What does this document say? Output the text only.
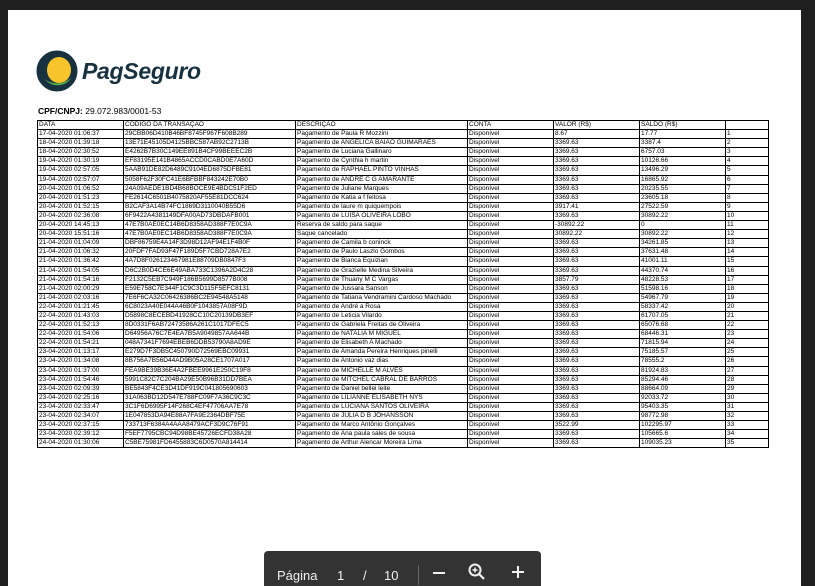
PagSeguro
CPF/CNPJ: 29.072.983/0001-53
DATA	CÓDIGO DA TRANSAÇÃO	DESCRIÇÃO	CONTA	VALOR (R$)	SALDO (R$)	
17-04-2020 01:06:37	29CBB06D410B46BF8745F967F608B289	Pagamento de Paula R Mozzini	Disponível	8.67	17.77	1
18-04-2020 01:39:18	13E71E45105D4125BBC587AB92C2713B	Pagamento de ANGELICA BAIAO GUIMARAES	Disponível	3369.63	3387.4	2
18-04-2020 02:30:52	E4262B7B30C149EE891B4CF99BEEEC2B	Pagamento de Luciana Gallinaro	Disponível	3369.63	6757.03	3
19-04-2020 01:30:19	EF83195E141B4865ACCD0CABD0E7A60D	Pagamento de Cynthia h martin	Disponível	3369.63	10126.66	4
19-04-2020 02:57:05	5AAB91DE82D6489C9104ED6875DFBE81	Pagamento de RAPHAEL PINTO VINHAS	Disponível	3369.63	13496.29	5
19-04-2020 02:57:07	5058F62F30FC41E6BFBBF843242E70B0	Pagamento de ANDRE C G AMARANTE	Disponível	3369.63	16865.92	6
20-04-2020 01:06:52	24A09AEDE1BD4B68BOCE9E4BDC51F2ED	Pagamento de Juliane Marques	Disponível	3369.63	20235.55	7
20-04-2020 01:51:23	FE2614C6501B4075820AF55E81DCC624	Pagamento de Katia a f feitosa	Disponível	3369.63	23605.18	8
20-04-2020 01:52:15	B2CAF3A14B74FC1869D3110040B55D6	Pagamento de laure m quiquempois	Disponível	3917.41	27522.59	9
20-04-2020 02:36:08	6F9422A4381149DFA00AD73DBDAFB001	Pagamento de LUISA OLIVEIRA LOBO	Disponível	3369.63	30892.22	10
20-04-2020 14:45:13	47E7B0AE0EC14B6D8358AD388F7E0C9A	Reserva de saldo para saque	Disponível	-30892.22	0	11
20-04-2020 15:51:16	47E7B0AE0EC14B6D8358AD388F7E0C9A	Saque cancelado	Disponível	30892.22	30892.22	12
21-04-2020 01:04:09	DBF86759E4A14F3D98D12AF94E1F4B0F	Pagamento de Camila b coninck	Disponível	3369.63	34261.85	13
21-04-2020 01:06:32	20FDF7FAD93F47F189D5F7CBD728A7E2	Pagamento de Paulo Laszlo Gombos	Disponível	3369.63	37631.48	14
21-04-2020 01:36:42	4A7D8F026123467981E88709DB0847F3	Pagamento de Bianca Equizian	Disponível	3369.63	41001.11	15
21-04-2020 01:54:05	D6C2B0D4CE6E49ABA733C1396A2D4C28	Pagamento de Grazielle Medina Silveira	Disponível	3369.63	44370.74	16
21-04-2020 01:54:16	F2132C5EB7C949F186B5699D8577B008	Pagamento de Thuany M C Vargas	Disponível	3857.79	48228.53	17
21-04-2020 02:00:29	E59E758C7E344F1C9C3D115F5EFC8131	Pagamento de Jussara Sanson	Disponível	3369.63	51598.16	18
21-04-2020 02:03:16	7E6F6CA32C06426386BC2E94548A5148	Pagamento de Tatiana Vendramini Cardoso Machado	Disponível	3369.63	54967.79	19
22-04-2020 01:21:45	6C8023A40E044A46B0F1043857A08F9D	Pagamento de André a Rosa	Disponível	3369.63	58337.42	20
22-04-2020 01:43:03	D5898C8ECEBD41928CC10C20139DB3EF	Pagamento de Leticia Vilardo	Disponível	3369.63	61707.05	21
22-04-2020 01:52:13	8D0331F6AB72473586A261C1017DFEC5	Pagamento de Gabriela Freitas de Oliveira	Disponível	3369.63	65076.68	22
22-04-2020 01:54:06	D64956A76C7E4EA7B5A9049857AA644B	Pagamento de NATALIA M MIGUEL	Disponível	3369.63	68446.31	23
22-04-2020 01:54:21	048A7341F7694EBEB6DDB53790A8AD9E	Pagamento de Elisabeth A Machado	Disponível	3369.63	71815.94	24
23-04-2020 01:13:17	E279D7F3DB5C450790D72569EBC09931	Pagamento de Amanda Pereira Henriques pinelli	Disponível	3369.63	75185.57	25
23-04-2020 01:34:08	8B756A7B56D44AD9B05A28CE1707A017	Pagamento de Antonio vaz dias	Disponível	3369.63	78555.2	26
23-04-2020 01:37:00	FEA9BE39B36E4A2FBEE9961E250C19F8	Pagamento de MICHELLE M ALVES	Disponível	3369.63	81924.83	27
23-04-2020 01:54:46	5991C82C7C204BA29E50B96B31DD7BEA	Pagamento de MITCHEL CABRAL DE BARROS	Disponível	3369.63	85294.46	28
23-04-2020 02:09:39	BE5843F4CE3D41DF919C041805690603	Pagamento de Daniel bellei leite	Disponível	3369.63	88664.09	29
23-04-2020 02:25:16	31A063BD12D547E788FC09F7A36C9C3C	Pagamento de LILIANNE ELISABETH NYS	Disponível	3369.63	92033.72	30
23-04-2020 02:33:47	3C1F6D6995F14F268C4EF47706AA7E78	Pagamento de LUCIANA SANTOS OLIVEIRA	Disponível	3369.63	95403.35	31
23-04-2020 02:34:07	1E047853DA94E88A7FA9E2364DBF75E	Pagamento de JULIA D B JOHANSSON	Disponível	3369.63	98772.98	32
23-04-2020 02:37:15	733713F6384A4AAA8479ACF3D9C76F91	Pagamento de Marco Antônio Gonçalves	Disponível	3522.99	102295.97	33
23-04-2020 02:39:12	F5EF7795CBC94D98BE45726ECFD38A28	Pagamento de Ana paula sales de sousa	Disponível	3369.63	105665.6	34
24-04-2020 01:30:06	C5BE75981FD6455883C6D0570A814414	Pagamento de Arthur Alencar Moreira Lima	Disponível	3369.63	109035.23	35
Página 1 / 10
